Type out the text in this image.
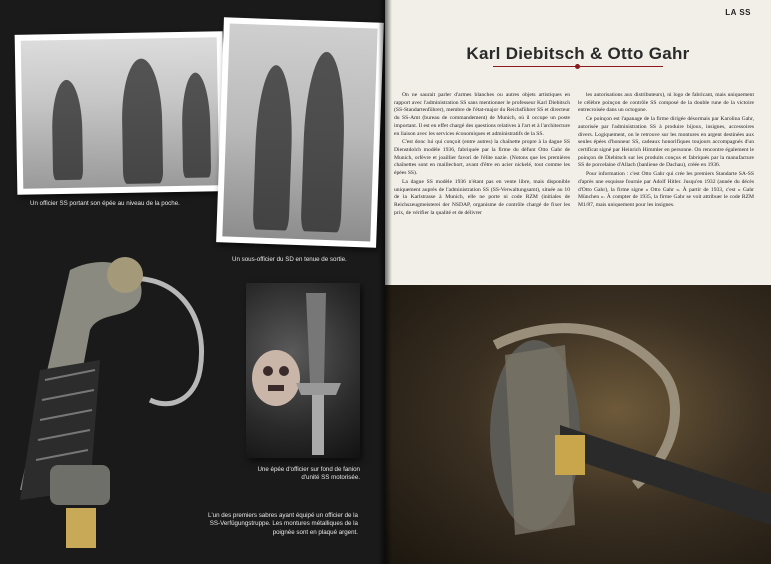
Un officier SS portant son épée au niveau de la poche.
Un sous-officier du SD en tenue de sortie.
Une épée d'officier sur fond de fanion d'unité SS motorisée.
L'un des premiers sabres ayant équipé un officier de la SS-Verfügungstruppe. Les montures métalliques de la poignée sont en plaqué argent.
LA SS
Karl Diebitsch & Otto Gahr

On ne saurait parler d'armes blanches ou autres objets artistiques en rapport avec l'administration SS sans mentionner le professeur Karl Diebitsch (SS-Standartenführer), membre de l'état-major du Reichsführer SS et directeur du SS-Amt (bureau de commandement) de Munich, où il occupe un poste important. Il est en effet chargé des questions relatives à l'art et à l'architecture en liaison avec les services économiques et administratifs de la SS.

C'est donc lui qui conçoit (entre autres) la chaînette propre à la dague SS Dienstdolch modèle 1936, fabriquée par la firme du défunt Otto Gahr de Munich, orfèvre et joaillier favori de l'élite nazie. (Notons que les premières chaînettes sont en maillechort, avant d'être en acier nickelé, tout comme les épées SS).

La dague SS modèle 1936 n'étant pas en vente libre, mais disponible uniquement auprès de l'administration SS (SS-Verwaltungsamt), située au 10 de la Karlstrasse à Munich, elle ne porte ni code RZM (initiales de Reichszeugmeisterei der NSDAP, organisme de contrôle chargé de fixer les prix, de vérifier la qualité et de délivrer

les autorisations aux distributeurs), ni logo de fabricant, mais uniquement le célèbre poinçon de contrôle SS composé de la double rune de la victoire entrecroisée dans un octogone.

Ce poinçon est l'apanage de la firme dirigée désormais par Karolina Gahr, autorisée par l'administration SS à produire bijoux, insignes, accessoires divers. Logiquement, on le retrouve sur les montures en argent destinées aux seules épées d'honneur SS, cadeaux honorifiques toujours accompagnés d'un certificat signé par Heinrich Himmler en personne. On rencontre également le poinçon de Diebitsch sur les produits conçus et fabriqués par la manufacture SS de porcelaine d'Allach (banlieue de Dachau), créée en 1936.

Pour information : c'est Otto Gahr qui crée les premiers Standarte SA-SS d'après une esquisse fournie par Adolf Hitler. Jusqu'en 1932 (année du décès d'Otto Gahr), la firme signe « Otto Gahr ». À partir de 1933, c'est « Gahr München ». À compter de 1935, la firme Gahr se voit attribuer le code RZM M1/87, mais uniquement pour les insignes.
